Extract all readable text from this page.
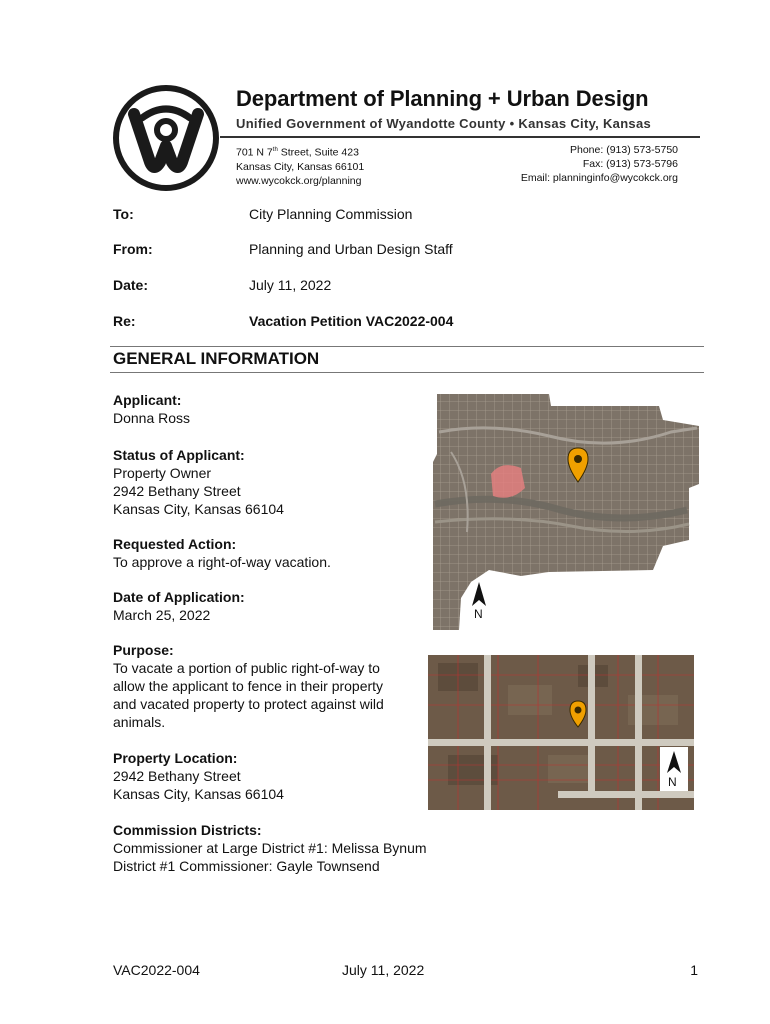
Department of Planning + Urban Design
Unified Government of Wyandotte County • Kansas City, Kansas
701 N 7th Street, Suite 423
Kansas City, Kansas 66101
www.wycokck.org/planning
Phone: (913) 573-5750
Fax: (913) 573-5796
Email: planninginfo@wycokck.org
To:	City Planning Commission
From:	Planning and Urban Design Staff
Date:	July 11, 2022
Re:	Vacation Petition VAC2022-004
GENERAL INFORMATION
Applicant:
Donna Ross
Status of Applicant:
Property Owner
2942 Bethany Street
Kansas City, Kansas 66104
Requested Action:
To approve a right-of-way vacation.
Date of Application:
March 25, 2022
Purpose:
To vacate a portion of public right-of-way to
allow the applicant to fence in their property
and vacated property to protect against wild
animals.
Property Location:
2942 Bethany Street
Kansas City, Kansas 66104
Commission Districts:
Commissioner at Large District #1: Melissa Bynum
District #1 Commissioner: Gayle Townsend
N
N
VAC2022-004	July 11, 2022	1
